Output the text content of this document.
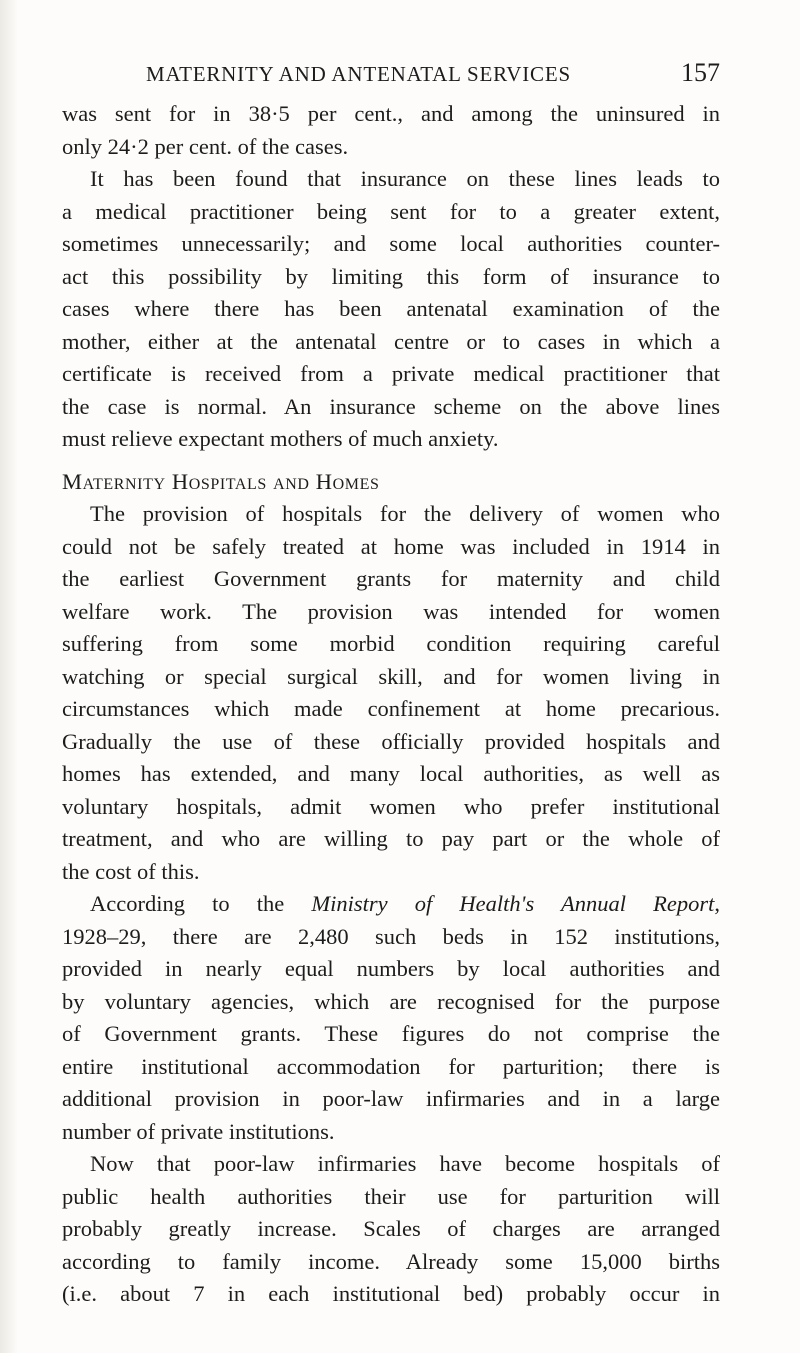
MATERNITY AND ANTENATAL SERVICES	157
was sent for in 38·5 per cent., and among the uninsured in
only 24·2 per cent. of the cases.
It has been found that insurance on these lines leads to
a medical practitioner being sent for to a greater extent,
sometimes unnecessarily; and some local authorities counter-
act this possibility by limiting this form of insurance to
cases where there has been antenatal examination of the
mother, either at the antenatal centre or to cases in which a
certificate is received from a private medical practitioner that
the case is normal. An insurance scheme on the above lines
must relieve expectant mothers of much anxiety.
Maternity Hospitals and Homes
The provision of hospitals for the delivery of women who
could not be safely treated at home was included in 1914 in
the earliest Government grants for maternity and child
welfare work. The provision was intended for women
suffering from some morbid condition requiring careful
watching or special surgical skill, and for women living in
circumstances which made confinement at home precarious.
Gradually the use of these officially provided hospitals and
homes has extended, and many local authorities, as well as
voluntary hospitals, admit women who prefer institutional
treatment, and who are willing to pay part or the whole of
the cost of this.
According to the Ministry of Health's Annual Report,
1928–29, there are 2,480 such beds in 152 institutions,
provided in nearly equal numbers by local authorities and
by voluntary agencies, which are recognised for the purpose
of Government grants. These figures do not comprise the
entire institutional accommodation for parturition; there is
additional provision in poor-law infirmaries and in a large
number of private institutions.
Now that poor-law infirmaries have become hospitals of
public health authorities their use for parturition will
probably greatly increase. Scales of charges are arranged
according to family income. Already some 15,000 births
(i.e. about 7 in each institutional bed) probably occur in
